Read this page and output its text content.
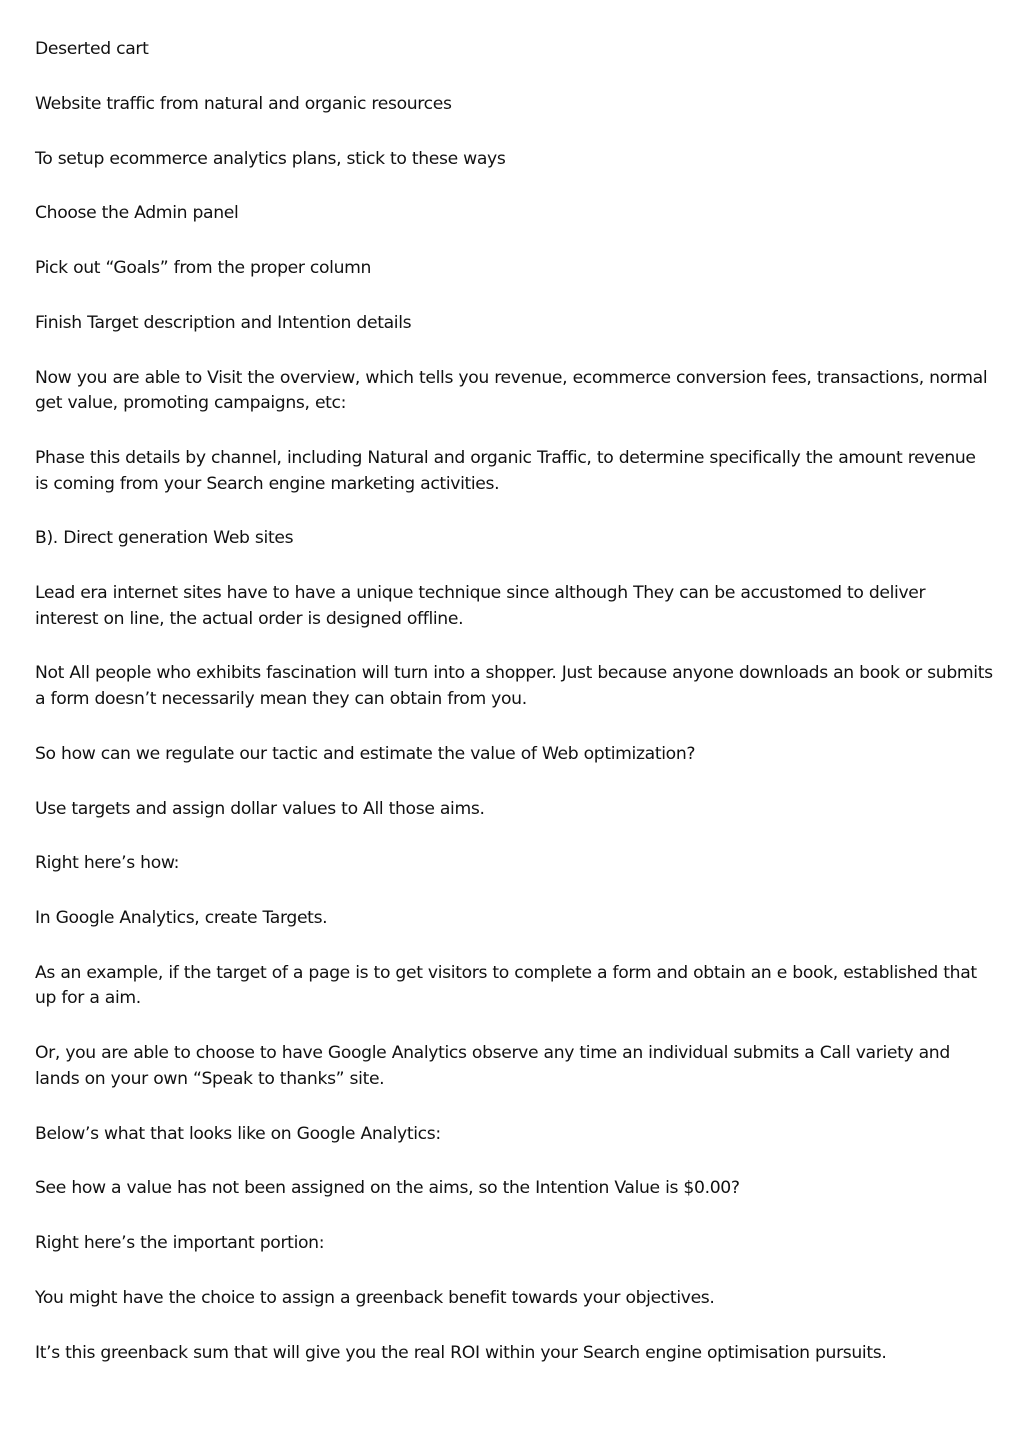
Deserted cart

Website traffic from natural and organic resources

To setup ecommerce analytics plans, stick to these ways

Choose the Admin panel

Pick out “Goals” from the proper column

Finish Target description and Intention details

Now you are able to Visit the overview, which tells you revenue, ecommerce conversion fees, transactions, normal get value, promoting campaigns, etc:

Phase this details by channel, including Natural and organic Traffic, to determine specifically the amount revenue is coming from your Search engine marketing activities.

B). Direct generation Web sites

Lead era internet sites have to have a unique technique since although They can be accustomed to deliver interest on line, the actual order is designed offline.

Not All people who exhibits fascination will turn into a shopper. Just because anyone downloads an book or submits a form doesn’t necessarily mean they can obtain from you.

So how can we regulate our tactic and estimate the value of Web optimization?

Use targets and assign dollar values to All those aims.

Right here’s how:

In Google Analytics, create Targets.

As an example, if the target of a page is to get visitors to complete a form and obtain an e book, established that up for a aim.

Or, you are able to choose to have Google Analytics observe any time an individual submits a Call variety and lands on your own “Speak to thanks” site.

Below’s what that looks like on Google Analytics:

See how a value has not been assigned on the aims, so the Intention Value is $0.00?

Right here’s the important portion:

You might have the choice to assign a greenback benefit towards your objectives.

It’s this greenback sum that will give you the real ROI within your Search engine optimisation pursuits.
